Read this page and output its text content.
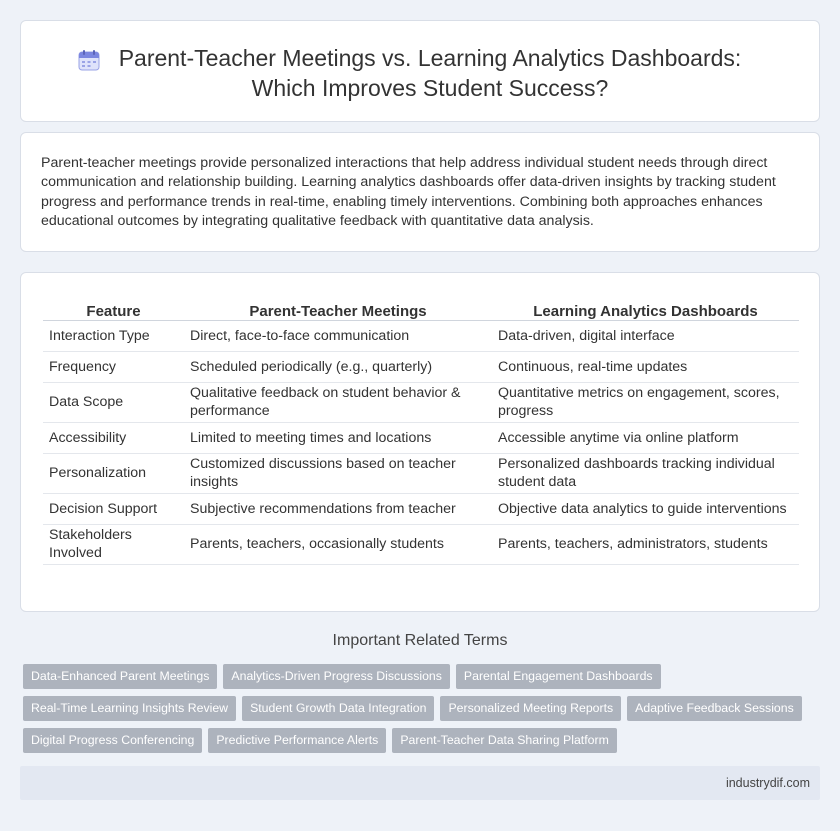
Parent-Teacher Meetings vs. Learning Analytics Dashboards: Which Improves Student Success?

Parent-teacher meetings provide personalized interactions that help address individual student needs through direct communication and relationship building. Learning analytics dashboards offer data-driven insights by tracking student progress and performance trends in real-time, enabling timely interventions. Combining both approaches enhances educational outcomes by integrating qualitative feedback with quantitative data analysis.

Feature	Parent-Teacher Meetings	Learning Analytics Dashboards
Interaction Type	Direct, face-to-face communication	Data-driven, digital interface
Frequency	Scheduled periodically (e.g., quarterly)	Continuous, real-time updates
Data Scope	Qualitative feedback on student behavior & performance	Quantitative metrics on engagement, scores, progress
Accessibility	Limited to meeting times and locations	Accessible anytime via online platform
Personalization	Customized discussions based on teacher insights	Personalized dashboards tracking individual student data
Decision Support	Subjective recommendations from teacher	Objective data analytics to guide interventions
Stakeholders Involved	Parents, teachers, occasionally students	Parents, teachers, administrators, students
Important Related Terms
Data-Enhanced Parent Meetings	Analytics-Driven Progress Discussions	Parental Engagement Dashboards
Real-Time Learning Insights Review	Student Growth Data Integration	Personalized Meeting Reports	Adaptive Feedback Sessions
Digital Progress Conferencing	Predictive Performance Alerts	Parent-Teacher Data Sharing Platform
industrydif.com
